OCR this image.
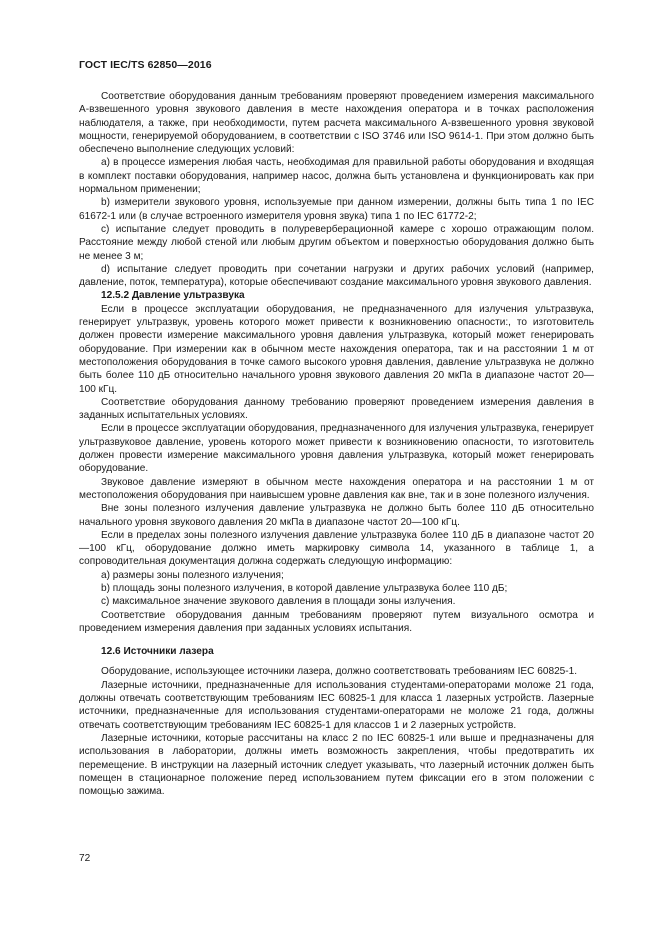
ГОСТ IEC/TS 62850—2016

Соответствие оборудования данным требованиям проверяют проведением измерения максимального А-взвешенного уровня звукового давления в месте нахождения оператора и в точках расположения наблюдателя, а также, при необходимости, путем расчета максимального А-взвешенного уровня звуковой мощности, генерируемой оборудованием, в соответствии с ISO 3746 или ISO 9614-1. При этом должно быть обеспечено выполнение следующих условий:

a) в процессе измерения любая часть, необходимая для правильной работы оборудования и входящая в комплект поставки оборудования, например насос, должна быть установлена и функционировать как при нормальном применении;

b) измерители звукового уровня, используемые при данном измерении, должны быть типа 1 по IEC 61672-1 или (в случае встроенного измерителя уровня звука) типа 1 по IEC 61772-2;

c) испытание следует проводить в полуреверберационной камере с хорошо отражающим полом. Расстояние между любой стеной или любым другим объектом и поверхностью оборудования должно быть не менее 3 м;

d) испытание следует проводить при сочетании нагрузки и других рабочих условий (например, давление, поток, температура), которые обеспечивают создание максимального уровня звукового давления.

12.5.2 Давление ультразвука

Если в процессе эксплуатации оборудования, не предназначенного для излучения ультразвука, генерирует ультразвук, уровень которого может привести к возникновению опасности:, то изготовитель должен провести измерение максимального уровня давления ультразвука, который может генерировать оборудование. При измерении как в обычном месте нахождения оператора, так и на расстоянии 1 м от местоположения оборудования в точке самого высокого уровня давления, давление ультразвука не должно быть более 110 дБ относительно начального уровня звукового давления 20 мкПа в диапазоне частот 20—100 кГц.

Соответствие оборудования данному требованию проверяют проведением измерения давления в заданных испытательных условиях.

Если в процессе эксплуатации оборудования, предназначенного для излучения ультразвука, генерирует ультразвуковое давление, уровень которого может привести к возникновению опасности, то изготовитель должен провести измерение максимального уровня давления ультразвука, который может генерировать оборудование.

Звуковое давление измеряют в обычном месте нахождения оператора и на расстоянии 1 м от местоположения оборудования при наивысшем уровне давления как вне, так и в зоне полезного излучения.

Вне зоны полезного излучения давление ультразвука не должно быть более 110 дБ относительно начального уровня звукового давления 20 мкПа в диапазоне частот 20—100 кГц.

Если в пределах зоны полезного излучения давление ультразвука более 110 дБ в диапазоне частот 20—100 кГц, оборудование должно иметь маркировку символа 14, указанного в таблице 1, а сопроводительная документация должна содержать следующую информацию:

a) размеры зоны полезного излучения;

b) площадь зоны полезного излучения, в которой давление ультразвука более 110 дБ;

c) максимальное значение звукового давления в площади зоны излучения.

Соответствие оборудования данным требованиям проверяют путем визуального осмотра и проведением измерения давления при заданных условиях испытания.

12.6 Источники лазера

Оборудование, использующее источники лазера, должно соответствовать требованиям IEC 60825-1.

Лазерные источники, предназначенные для использования студентами-операторами моложе 21 года, должны отвечать соответствующим требованиям IEC 60825-1 для класса 1 лазерных устройств. Лазерные источники, предназначенные для использования студентами-операторами не моложе 21 года, должны отвечать соответствующим требованиям IEC 60825-1 для классов 1 и 2 лазерных устройств.

Лазерные источники, которые рассчитаны на класс 2 по IEC 60825-1 или выше и предназначены для использования в лаборатории, должны иметь возможность закрепления, чтобы предотвратить их перемещение. В инструкции на лазерный источник следует указывать, что лазерный источник должен быть помещен в стационарное положение перед использованием путем фиксации его в этом положении с помощью зажима.

72
